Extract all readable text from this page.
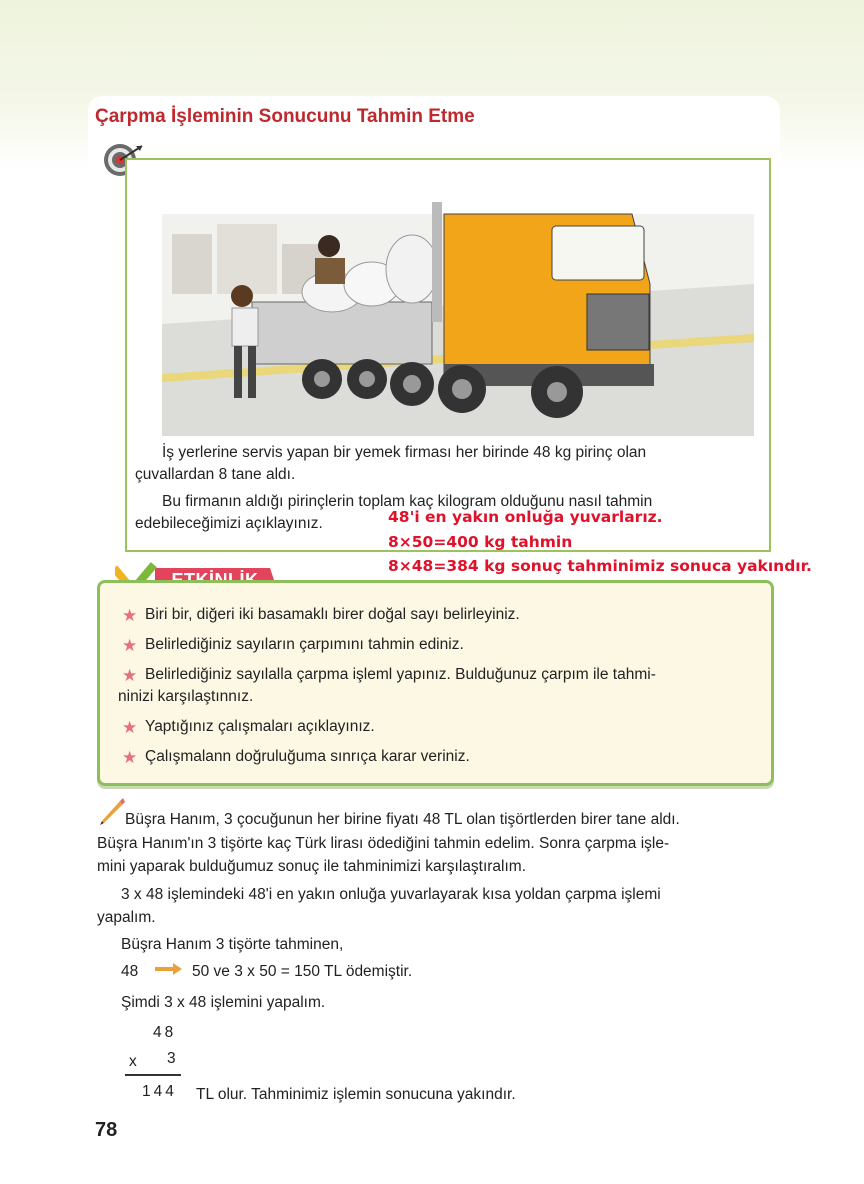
Çarpma İşleminin Sonucunu Tahmin Etme
İş yerlerine servis yapan bir yemek firması her birinde 48 kg pirinç olan
çuvallardan 8 tane aldı.
Bu firmanın aldığı pirinçlerin toplam kaç kilogram olduğunu nasıl tahmin
edebileceğimizi açıklayınız.	48'i en yakın onluğa yuvarlarız.
8×50=400 kg tahmin
8×48=384 kg sonuç tahminimiz sonuca yakındır.
★ Biri bir, diğeri iki basamaklı birer doğal sayı belirleyiniz.
★ Belirlediğiniz sayıların çarpımını tahmin ediniz.
★ Belirlediğiniz sayılalla çarpma işleml yapınız. Bulduğunuz çarpım ile tahmi-
ninizi karşılaştınnız.
★ Yaptığınız çalışmaları açıklayınız.
★ Çalışmalann doğruluğuma sınrıça karar veriniz.
Büşra Hanım, 3 çocuğunun her birine fiyatı 48 TL olan tişörtlerden birer tane aldı.
Büşra Hanım'ın 3 tişörte kaç Türk lirası ödediğini tahmin edelim. Sonra çarpma işle-
mini yaparak bulduğumuz sonuç ile tahminimizi karşılaştıralım.
3 x 48 işlemindeki 48'i en yakın onluğa yuvarlayarak kısa yoldan çarpma işlemi
yapalım.
Büşra Hanım 3 tişörte tahminen,
48	50 ve 3 x 50 = 150 TL ödemiştir.
Şimdi 3 x 48 işlemini yapalım.
48
x 3
144 TL olur. Tahminimiz işlemin sonucuna yakındır.
78
